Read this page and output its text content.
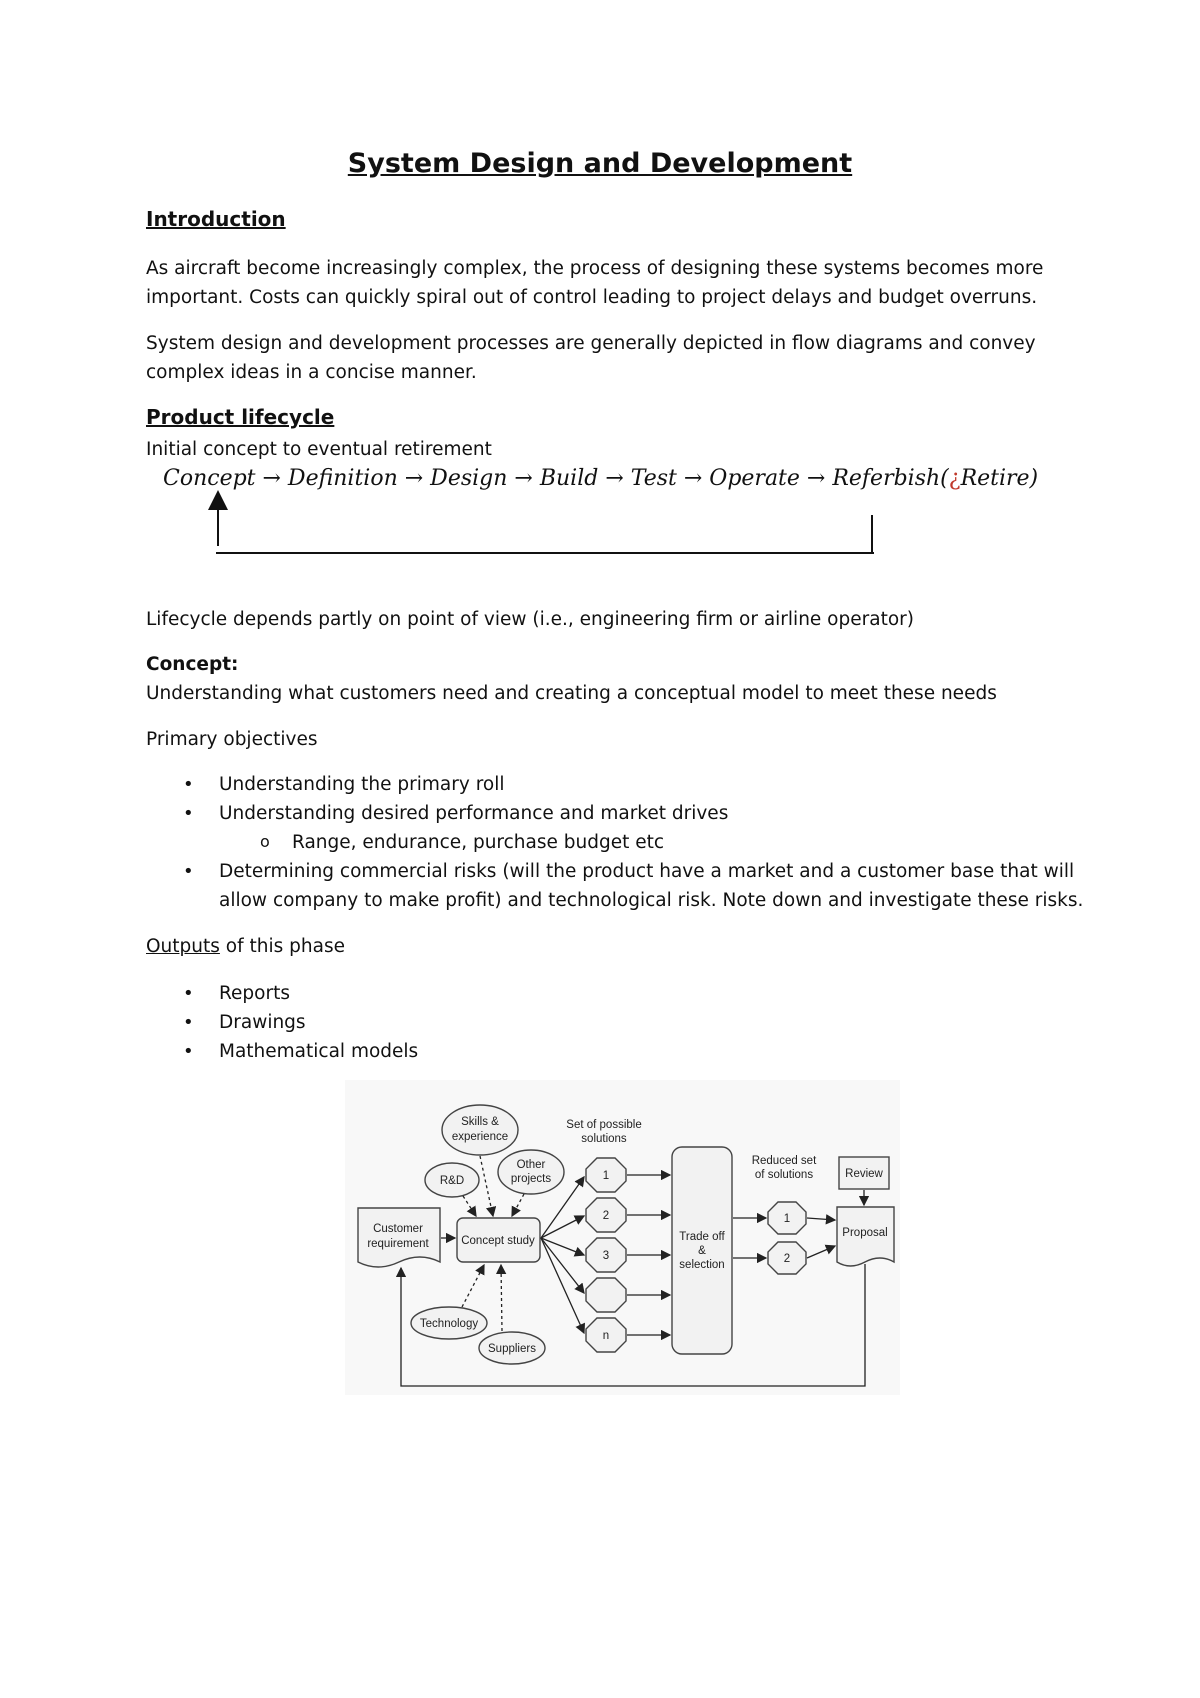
System Design and Development
Introduction
As aircraft become increasingly complex, the process of designing these systems becomes more
important. Costs can quickly spiral out of control leading to project delays and budget overruns.
System design and development processes are generally depicted in flow diagrams and convey
complex ideas in a concise manner.
Product lifecycle
Initial concept to eventual retirement
Concept → Definition → Design → Build → Test → Operate → Referbish(¿Retire)
Lifecycle depends partly on point of view (i.e., engineering firm or airline operator)
Concept:
Understanding what customers need and creating a conceptual model to meet these needs
Primary objectives
• Understanding the primary roll
• Understanding desired performance and market drives
o Range, endurance, purchase budget etc
• Determining commercial risks (will the product have a market and a customer base that will
allow company to make profit) and technological risk. Note down and investigate these risks.
Outputs of this phase
• Reports
• Drawings
• Mathematical models
Skills &
experience
R&D
Other
projects
Customer
requirement	Concept study
Technology
Suppliers
Set of possible
solutions
1
2
3
n
Trade off
&
selection
Reduced set
of solutions
1
2
Review
Proposal
